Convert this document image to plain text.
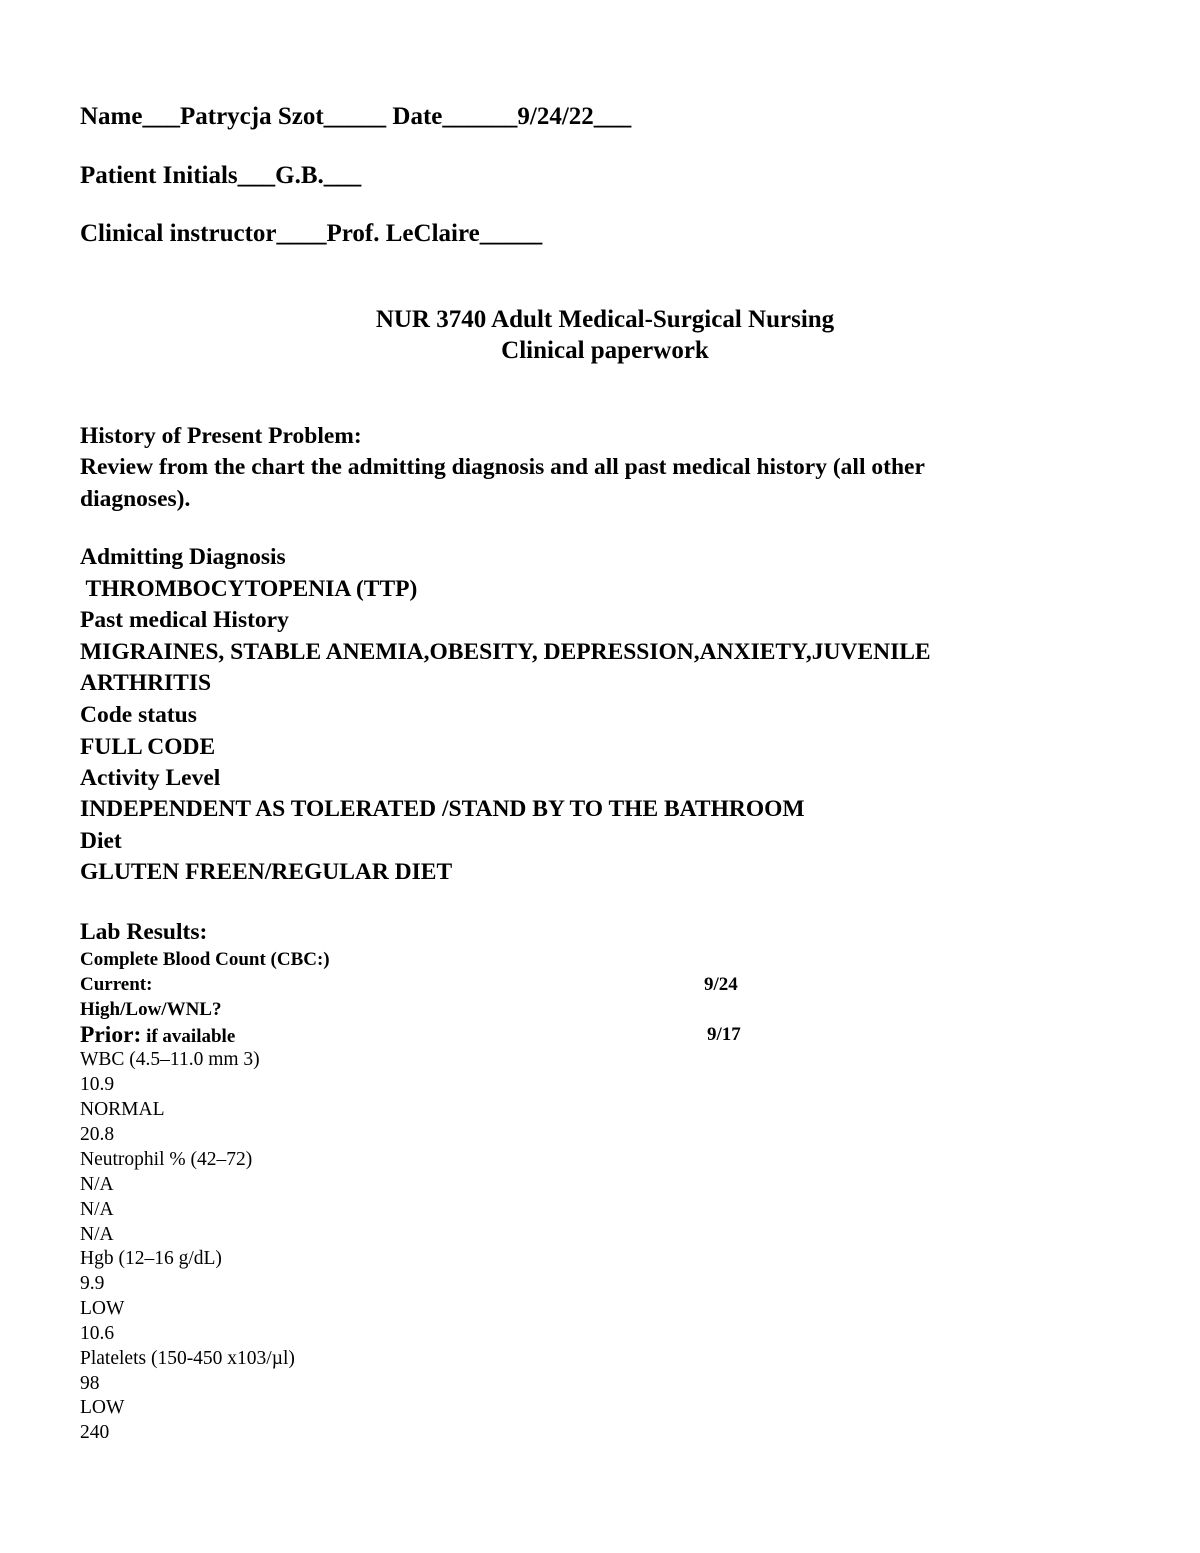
Name___Patrycja Szot_____ Date______9/24/22___
Patient Initials___G.B.___
Clinical instructor____Prof. LeClaire_____
NUR 3740 Adult Medical-Surgical Nursing
Clinical paperwork
History of Present Problem:
Review from the chart the admitting diagnosis and all past medical history (all other
diagnoses).
Admitting Diagnosis
THROMBOCYTOPENIA (TTP)
Past medical History
MIGRAINES, STABLE ANEMIA,OBESITY, DEPRESSION,ANXIETY,JUVENILE
ARTHRITIS
Code status
FULL CODE
Activity Level
INDEPENDENT AS TOLERATED /STAND BY TO THE BATHROOM
Diet
GLUTEN FREEN/REGULAR DIET
Lab Results:
Complete Blood Count (CBC:)
Current:	9/24
High/Low/WNL?
Prior: if available	9/17
WBC (4.5–11.0 mm 3)
10.9
NORMAL
20.8
Neutrophil % (42–72)
N/A
N/A
N/A
Hgb (12–16 g/dL)
9.9
LOW
10.6
Platelets (150-450 x103/µl)
98
LOW
240
